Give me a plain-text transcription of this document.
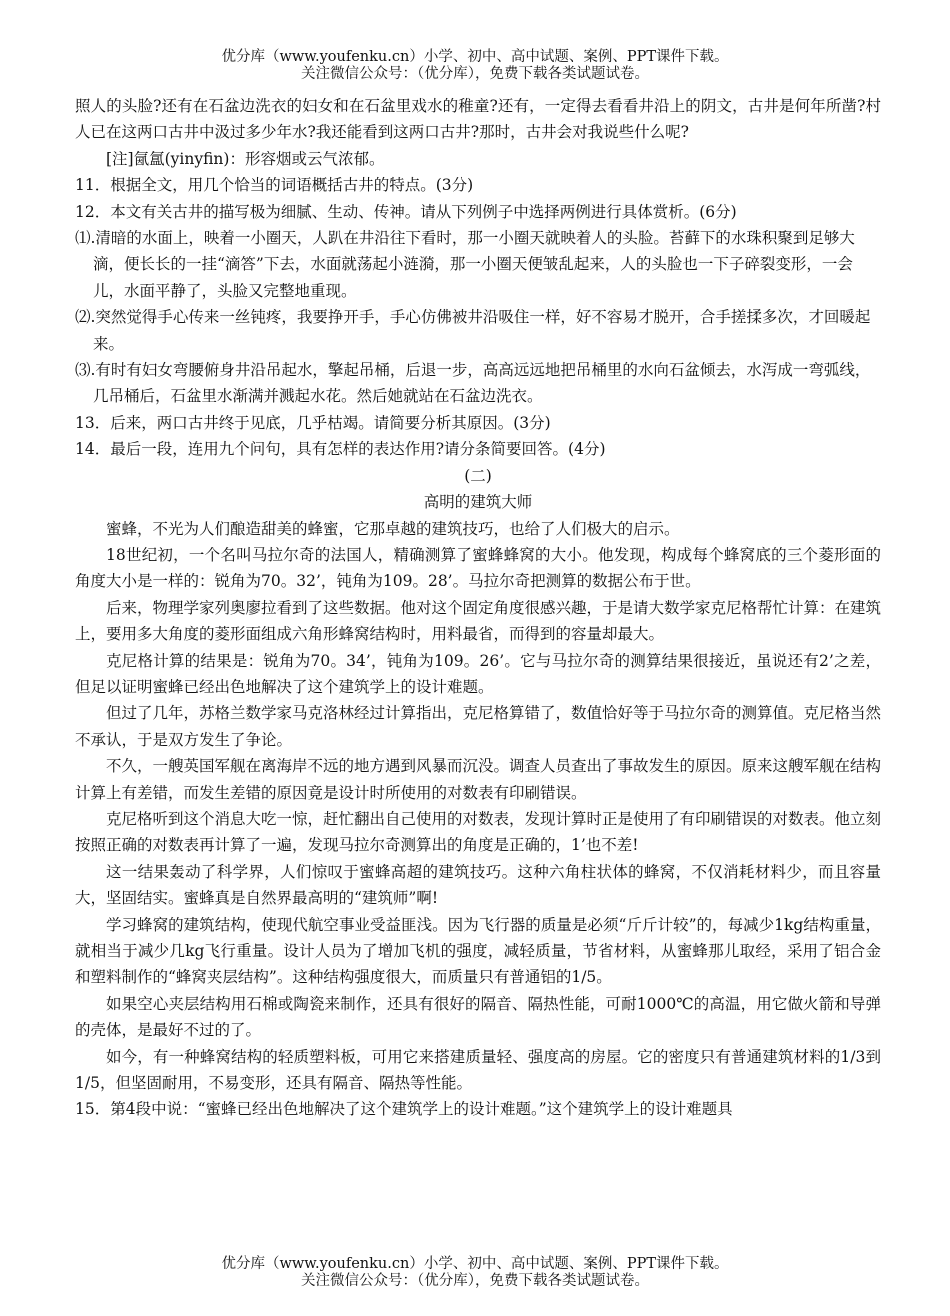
优分库（www.youfenku.cn）小学、初中、高中试题、案例、PPT课件下载。
关注微信公众号：（优分库），免费下载各类试题试卷。

照人的头脸?还有在石盆边洗衣的妇女和在石盆里戏水的稚童?还有，一定得去看看井沿上的阴文，古井是何年所凿?村人已在这两口古井中汲过多少年水?我还能看到这两口古井?那时，古井会对我说些什么呢?

[注]氤氲(yinyfin)：形容烟或云气浓郁。

11．根据全文，用几个恰当的词语概括古井的特点。(3分)

12．本文有关古井的描写极为细腻、生动、传神。请从下列例子中选择两例进行具体赏析。(6分)

⑴.清暗的水面上，映着一小圈天，人趴在井沿往下看时，那一小圈天就映着人的头脸。苔藓下的水珠积聚到足够大滴，便长长的一挂“滴答”下去，水面就荡起小涟漪，那一小圈天便皱乱起来，人的头脸也一下子碎裂变形，一会儿，水面平静了，头脸又完整地重现。

⑵.突然觉得手心传来一丝钝疼，我要挣开手，手心仿佛被井沿吸住一样，好不容易才脱开，合手搓揉多次，才回暖起来。

⑶.有时有妇女弯腰俯身井沿吊起水，擎起吊桶，后退一步，高高远远地把吊桶里的水向石盆倾去，水泻成一弯弧线，几吊桶后，石盆里水渐满并溅起水花。然后她就站在石盆边洗衣。

13．后来，两口古井终于见底，几乎枯竭。请简要分析其原因。(3分)

14．最后一段，连用九个问句，具有怎样的表达作用?请分条简要回答。(4分)

(二)

高明的建筑大师

蜜蜂，不光为人们酿造甜美的蜂蜜，它那卓越的建筑技巧，也给了人们极大的启示。

18世纪初，一个名叫马拉尔奇的法国人，精确测算了蜜蜂蜂窝的大小。他发现，构成每个蜂窝底的三个菱形面的角度大小是一样的：锐角为70。32’，钝角为109。28’。马拉尔奇把测算的数据公布于世。

后来，物理学家列奥廖拉看到了这些数据。他对这个固定角度很感兴趣，于是请大数学家克尼格帮忙计算：在建筑上，要用多大角度的菱形面组成六角形蜂窝结构时，用料最省，而得到的容量却最大。

克尼格计算的结果是：锐角为70。34’，钝角为109。26’。它与马拉尔奇的测算结果很接近，虽说还有2’之差，但足以证明蜜蜂已经出色地解决了这个建筑学上的设计难题。

但过了几年，苏格兰数学家马克洛林经过计算指出，克尼格算错了，数值恰好等于马拉尔奇的测算值。克尼格当然不承认，于是双方发生了争论。

不久，一艘英国军舰在离海岸不远的地方遇到风暴而沉没。调查人员查出了事故发生的原因。原来这艘军舰在结构计算上有差错，而发生差错的原因竟是设计时所使用的对数表有印刷错误。

克尼格听到这个消息大吃一惊，赶忙翻出自己使用的对数表，发现计算时正是使用了有印刷错误的对数表。他立刻按照正确的对数表再计算了一遍，发现马拉尔奇测算出的角度是正确的，1’也不差!

这一结果轰动了科学界，人们惊叹于蜜蜂高超的建筑技巧。这种六角柱状体的蜂窝，不仅消耗材料少，而且容量大，坚固结实。蜜蜂真是自然界最高明的“建筑师”啊!

学习蜂窝的建筑结构，使现代航空事业受益匪浅。因为飞行器的质量是必须“斤斤计较”的，每减少1kg结构重量，就相当于减少几kg飞行重量。设计人员为了增加飞机的强度，减轻质量，节省材料，从蜜蜂那儿取经，采用了铝合金和塑料制作的“蜂窝夹层结构”。这种结构强度很大，而质量只有普通铝的1/5。

如果空心夹层结构用石棉或陶瓷来制作，还具有很好的隔音、隔热性能，可耐1000℃的高温，用它做火箭和导弹的壳体，是最好不过的了。

如今，有一种蜂窝结构的轻质塑料板，可用它来搭建质量轻、强度高的房屋。它的密度只有普通建筑材料的1/3到1/5，但坚固耐用，不易变形，还具有隔音、隔热等性能。

15．第4段中说：“蜜蜂已经出色地解决了这个建筑学上的设计难题。”这个建筑学上的设计难题具

优分库（www.youfenku.cn）小学、初中、高中试题、案例、PPT课件下载。
关注微信公众号：（优分库），免费下载各类试题试卷。
